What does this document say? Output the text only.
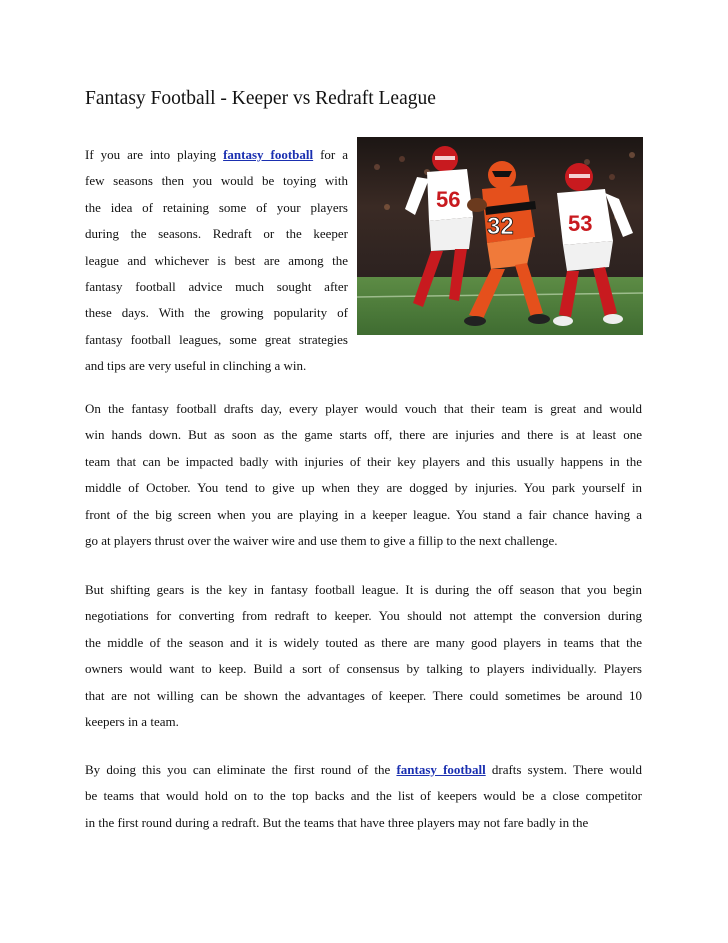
Fantasy Football - Keeper vs Redraft League
If you are into playing fantasy football for a
few seasons then you would be toying with
the idea of retaining some of your players
during the seasons. Redraft or the keeper
league and whichever is best are among the
fantasy football advice much sought after
these days. With the growing popularity of
fantasy football leagues, some great strategies
and tips are very useful in clinching a win.
56
32 53
On the fantasy football drafts day, every player would vouch that their team is great and would
win hands down. But as soon as the game starts off, there are injuries and there is at least one
team that can be impacted badly with injuries of their key players and this usually happens in the
middle of October. You tend to give up when they are dogged by injuries. You park yourself in
front of the big screen when you are playing in a keeper league. You stand a fair chance having a
go at players thrust over the waiver wire and use them to give a fillip to the next challenge.
But shifting gears is the key in fantasy football league. It is during the off season that you begin
negotiations for converting from redraft to keeper. You should not attempt the conversion during
the middle of the season and it is widely touted as there are many good players in teams that the
owners would want to keep. Build a sort of consensus by talking to players individually. Players
that are not willing can be shown the advantages of keeper. There could sometimes be around 10
keepers in a team.
By doing this you can eliminate the first round of the fantasy football drafts system. There would
be teams that would hold on to the top backs and the list of keepers would be a close competitor
in the first round during a redraft. But the teams that have three players may not fare badly in the
